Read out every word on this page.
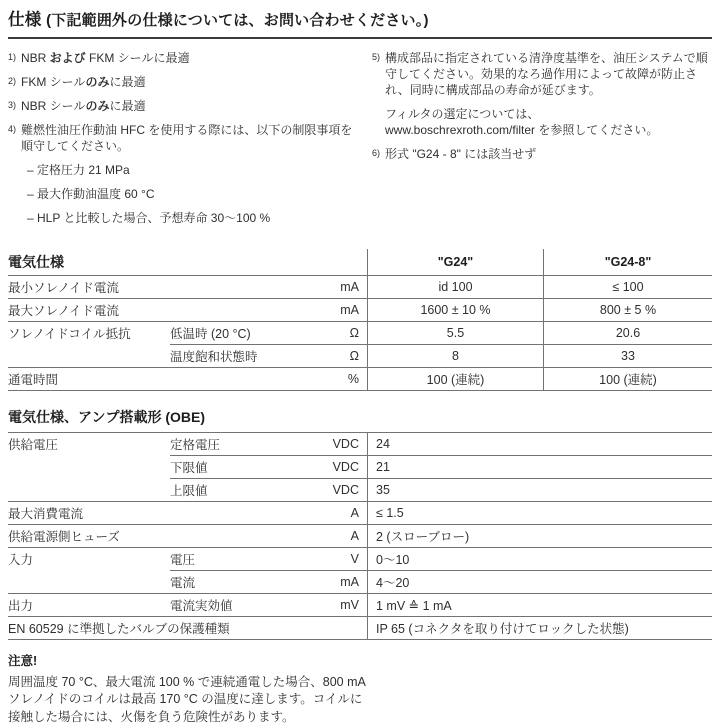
仕様 (下記範囲外の仕様については、お問い合わせください。)
1) NBR および FKM シールに最適
2) FKM シールのみに最適
3) NBR シールのみに最適
4) 難燃性油圧作動油 HFC を使用する際には、以下の制限事項を順守してください。
– 定格圧力 21 MPa
– 最大作動油温度 60 °C
– HLP と比較した場合、予想寿命 30〜100 %
5) 構成部品に指定されている清浄度基準を、油圧システムで順守してください。効果的なろ過作用によって故障が防止され、同時に構成部品の寿命が延びます。
フィルタの選定については、
www.boschrexroth.com/filter を参照してください。
6) 形式 "G24 - 8" には該当せず
電気仕様	"G24"	"G24-8"
最小ソレノイド電流	mA	id 100	≤ 100
最大ソレノイド電流	mA	1600 ± 10 %	800 ± 5 %
ソレノイドコイル抵抗	低温時 (20 °C)	Ω	5.5	20.6
温度飽和状態時	Ω	8	33
通電時間	%	100 (連続)	100 (連続)
電気仕様、アンプ搭載形 (OBE)
供給電圧	定格電圧	VDC	24
下限値	VDC	21
上限値	VDC	35
最大消費電流	A	≤ 1.5
供給電源側ヒューズ	A	2 (スローブロー)
入力	電圧	V	0〜10
電流	mA	4〜20
出力	電流実効値	mV	1 mV ≙ 1 mA
EN 60529 に準拠したバルブの保護種類	IP 65 (コネクタを取り付けてロックした状態)
注意!
周囲温度 70 °C、最大電流 100 % で連続通電した場合、800 mA
ソレノイドのコイルは最高 170 °C の温度に達します。コイルに
接触した場合には、火傷を負う危険性があります。
